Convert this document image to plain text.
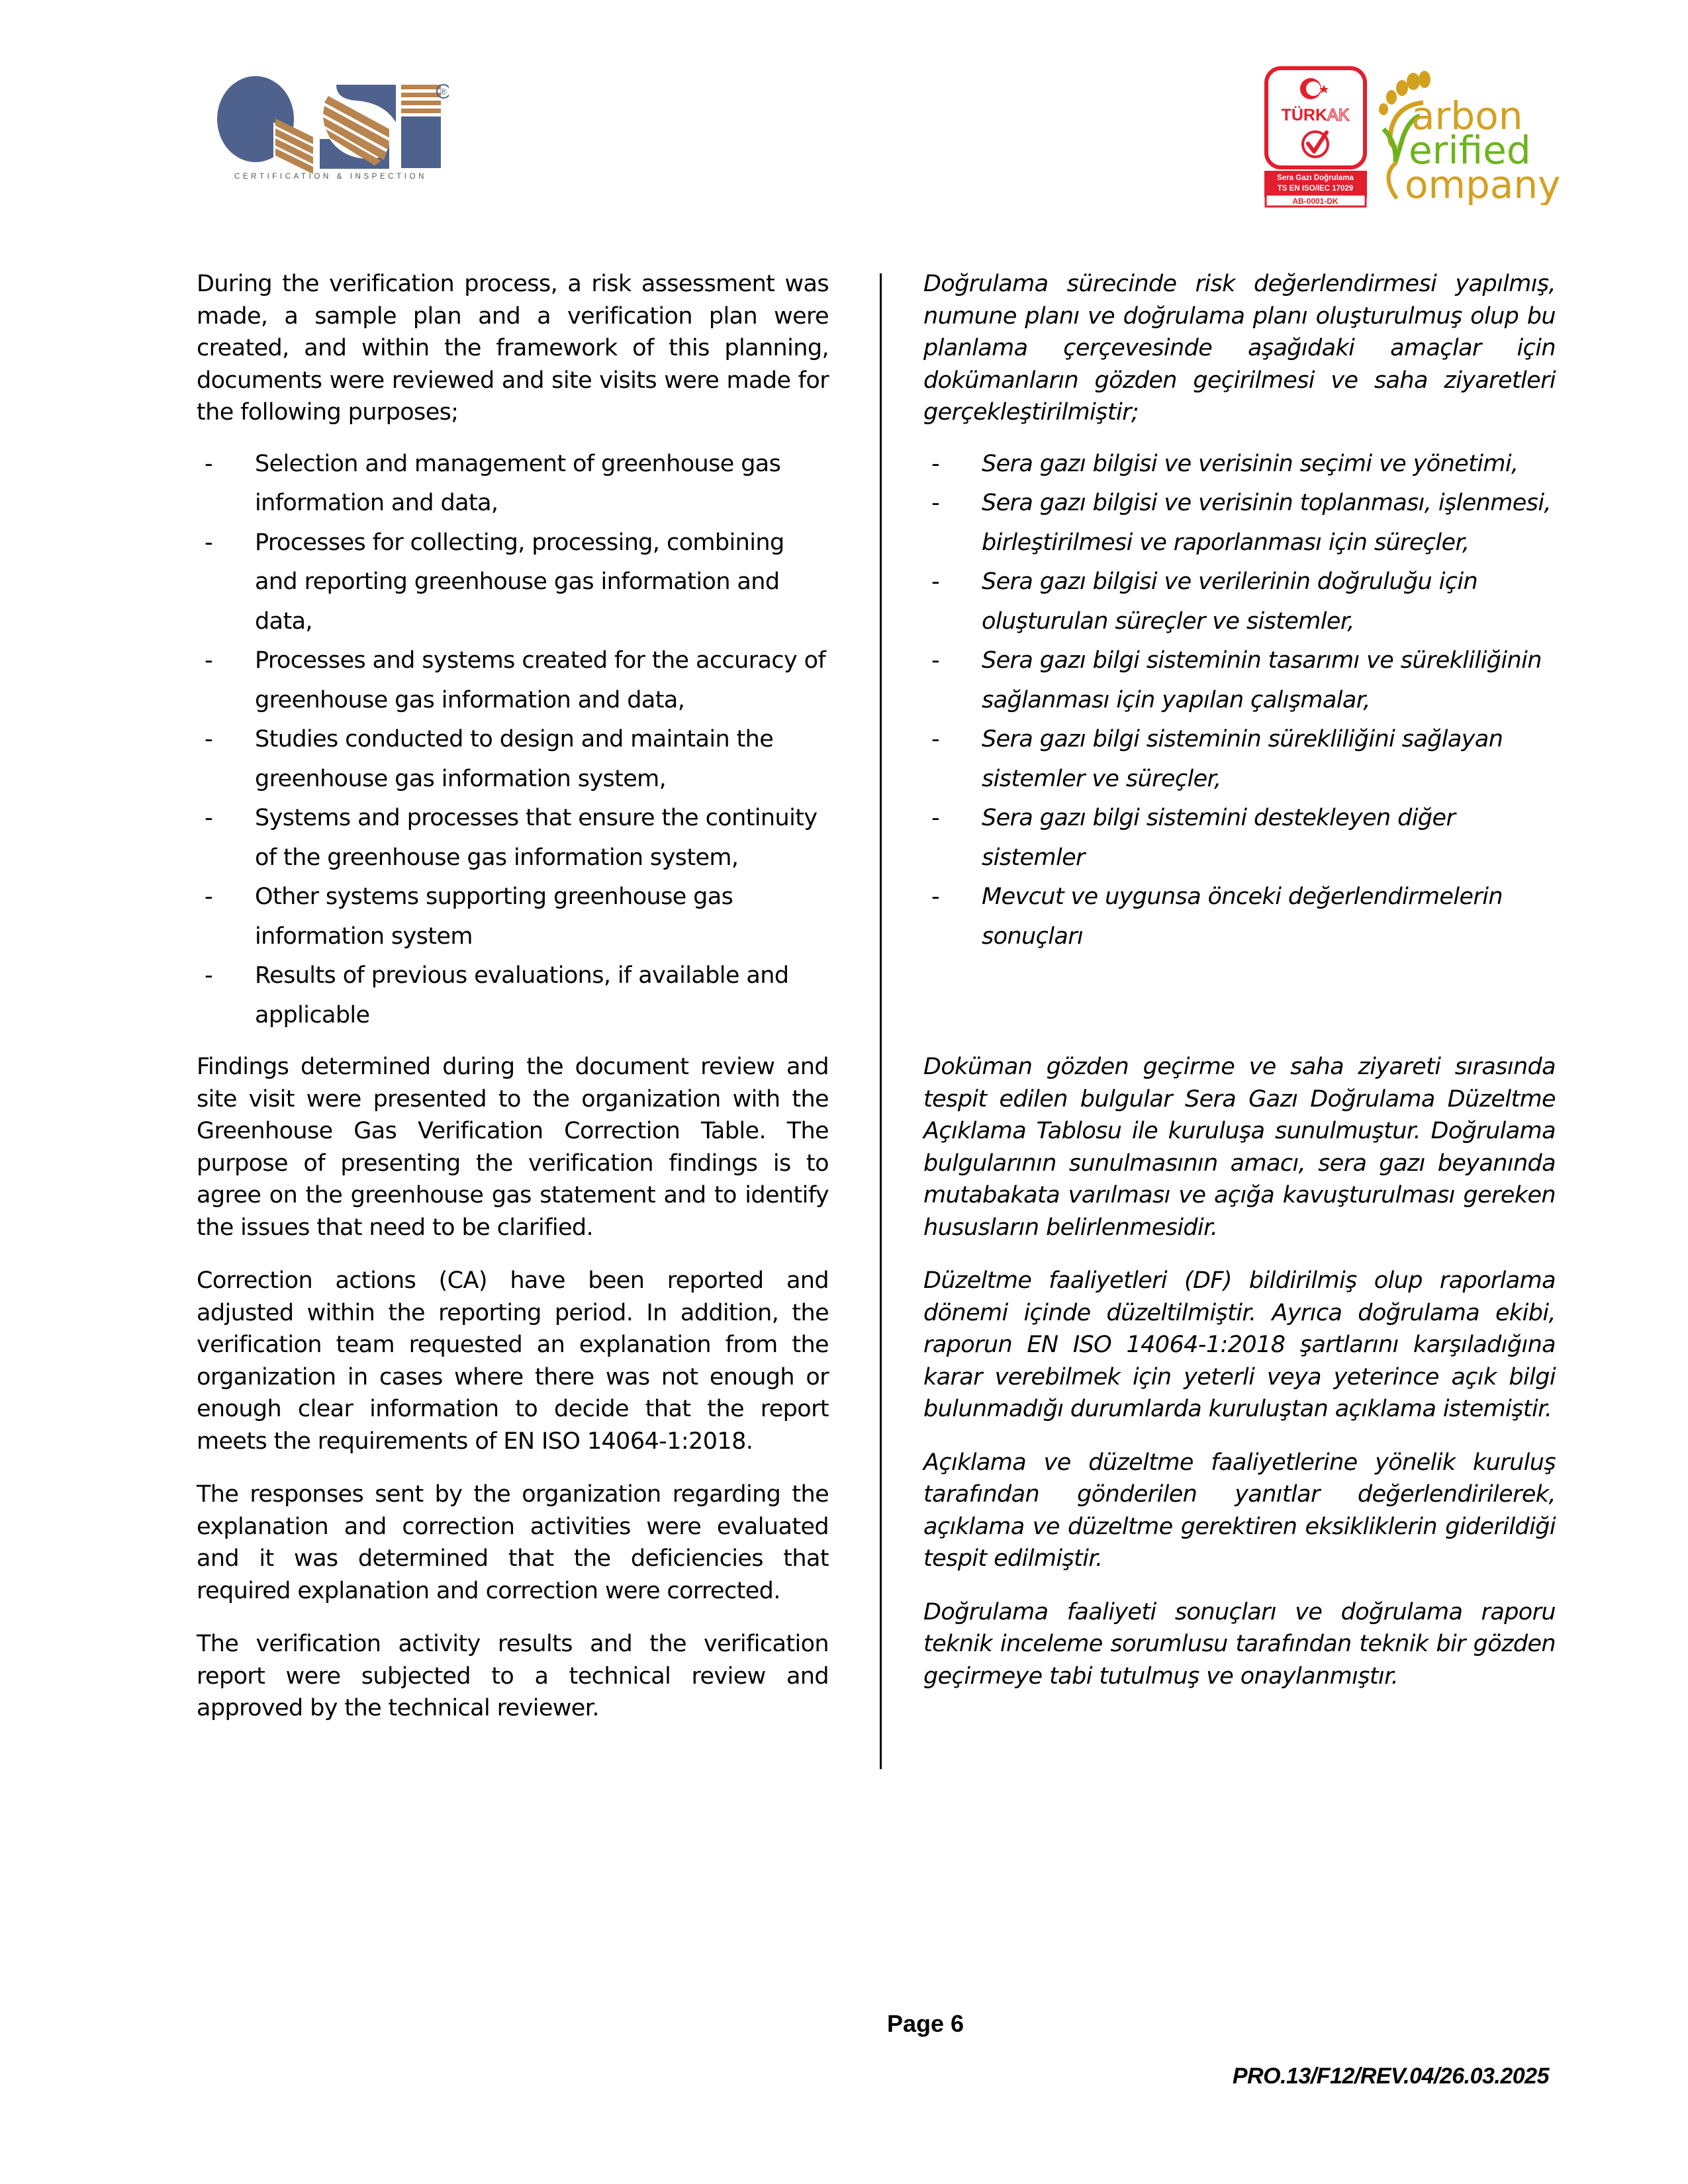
®
CERTIFICATION & INSPECTION
TÜRKAK
Sera Gazı Doğrulama
TS EN ISO/IEC 17029
AB-0001-DK
arbon
erified
ompany

During the verification process, a risk assessment was made, a sample plan and a verification plan were created, and within the framework of this planning, documents were reviewed and site visits were made for the following purposes;

- Selection and management of greenhouse gas information and data,
- Processes for collecting, processing, combining and reporting greenhouse gas information and data,
- Processes and systems created for the accuracy of greenhouse gas information and data,
- Studies conducted to design and maintain the greenhouse gas information system,
- Systems and processes that ensure the continuity of the greenhouse gas information system,
- Other systems supporting greenhouse gas information system
- Results of previous evaluations, if available and applicable

Findings determined during the document review and site visit were presented to the organization with the Greenhouse Gas Verification Correction Table. The purpose of presenting the verification findings is to agree on the greenhouse gas statement and to identify the issues that need to be clarified.

Correction actions (CA) have been reported and adjusted within the reporting period. In addition, the verification team requested an explanation from the organization in cases where there was not enough or enough clear information to decide that the report meets the requirements of EN ISO 14064-1:2018.

The responses sent by the organization regarding the explanation and correction activities were evaluated and it was determined that the deficiencies that required explanation and correction were corrected.

The verification activity results and the verification report were subjected to a technical review and approved by the technical reviewer.

Doğrulama sürecinde risk değerlendirmesi yapılmış, numune planı ve doğrulama planı oluşturulmuş olup bu planlama çerçevesinde aşağıdaki amaçlar için dokümanların gözden geçirilmesi ve saha ziyaretleri gerçekleştirilmiştir;

- Sera gazı bilgisi ve verisinin seçimi ve yönetimi,
- Sera gazı bilgisi ve verisinin toplanması, işlenmesi, birleştirilmesi ve raporlanması için süreçler,
- Sera gazı bilgisi ve verilerinin doğruluğu için oluşturulan süreçler ve sistemler,
- Sera gazı bilgi sisteminin tasarımı ve sürekliliğinin sağlanması için yapılan çalışmalar,
- Sera gazı bilgi sisteminin sürekliliğini sağlayan sistemler ve süreçler,
- Sera gazı bilgi sistemini destekleyen diğer sistemler
- Mevcut ve uygunsa önceki değerlendirmelerin sonuçları

Doküman gözden geçirme ve saha ziyareti sırasında tespit edilen bulgular Sera Gazı Doğrulama Düzeltme Açıklama Tablosu ile kuruluşa sunulmuştur. Doğrulama bulgularının sunulmasının amacı, sera gazı beyanında mutabakata varılması ve açığa kavuşturulması gereken hususların belirlenmesidir.

Düzeltme faaliyetleri (DF) bildirilmiş olup raporlama dönemi içinde düzeltilmiştir. Ayrıca doğrulama ekibi, raporun EN ISO 14064-1:2018 şartlarını karşıladığına karar verebilmek için yeterli veya yeterince açık bilgi bulunmadığı durumlarda kuruluştan açıklama istemiştir.

Açıklama ve düzeltme faaliyetlerine yönelik kuruluş tarafından gönderilen yanıtlar değerlendirilerek, açıklama ve düzeltme gerektiren eksikliklerin giderildiği tespit edilmiştir.

Doğrulama faaliyeti sonuçları ve doğrulama raporu teknik inceleme sorumlusu tarafından teknik bir gözden geçirmeye tabi tutulmuş ve onaylanmıştır.

Page 6
PRO.13/F12/REV.04/26.03.2025
